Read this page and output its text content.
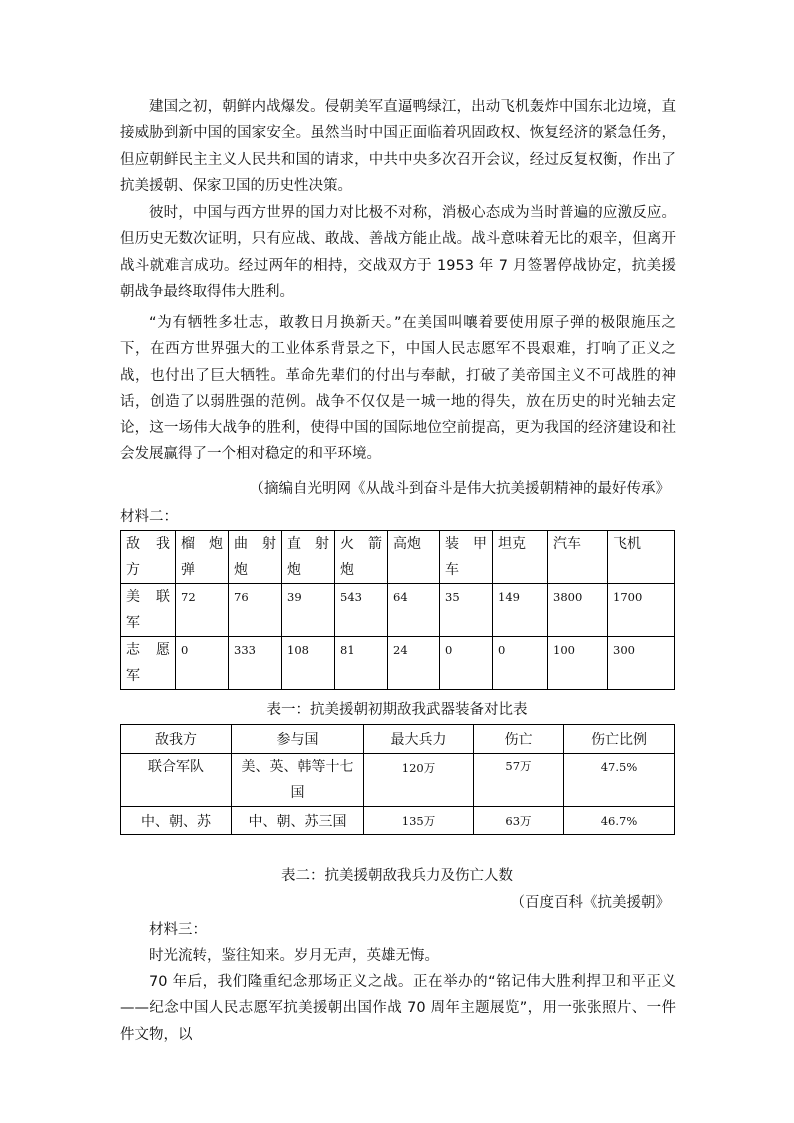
建国之初，朝鲜内战爆发。侵朝美军直逼鸭绿江，出动飞机轰炸中国东北边境，直接威胁到新中国的国家安全。虽然当时中国正面临着巩固政权、恢复经济的紧急任务，但应朝鲜民主主义人民共和国的请求，中共中央多次召开会议，经过反复权衡，作出了抗美援朝、保家卫国的历史性决策。

彼时，中国与西方世界的国力对比极不对称，消极心态成为当时普遍的应激反应。但历史无数次证明，只有应战、敢战、善战方能止战。战斗意味着无比的艰辛，但离开战斗就难言成功。经过两年的相持，交战双方于 1953 年 7 月签署停战协定，抗美援朝战争最终取得伟大胜利。

“为有牺牲多壮志，敢教日月换新天。”在美国叫嚷着要使用原子弹的极限施压之下，在西方世界强大的工业体系背景之下，中国人民志愿军不畏艰难，打响了正义之战，也付出了巨大牺牲。革命先辈们的付出与奉献，打破了美帝国主义不可战胜的神话，创造了以弱胜强的范例。战争不仅仅是一城一地的得失，放在历史的时光轴去定论，这一场伟大战争的胜利，使得中国的国际地位空前提高，更为我国的经济建设和社会发展赢得了一个相对稳定的和平环境。

（摘编自光明网《从战斗到奋斗是伟大抗美援朝精神的最好传承》

材料二：

敌 我 方	榴 炮 弹	曲 射 炮	直 射 炮	火 箭 炮	高炮	装 甲 车	坦克	汽车	飞机
美 联 军	72	76	39	543	64	35	149	3800	1700
志 愿 军	0	333	108	81	24	0	0	100	300

表一：抗美援朝初期敌我武器装备对比表

敌我方	参与国	最大兵力	伤亡	伤亡比例
联合军队	美、英、韩等十七国	120万	57万	47.5%
中、朝、苏	中、朝、苏三国	135万	63万	46.7%

表二：抗美援朝敌我兵力及伤亡人数

（百度百科《抗美援朝》

材料三：

时光流转，鉴往知来。岁月无声，英雄无悔。

70 年后，我们隆重纪念那场正义之战。正在举办的“铭记伟大胜利捍卫和平正义——纪念中国人民志愿军抗美援朝出国作战 70 周年主题展览”，用一张张照片、一件件文物，以
